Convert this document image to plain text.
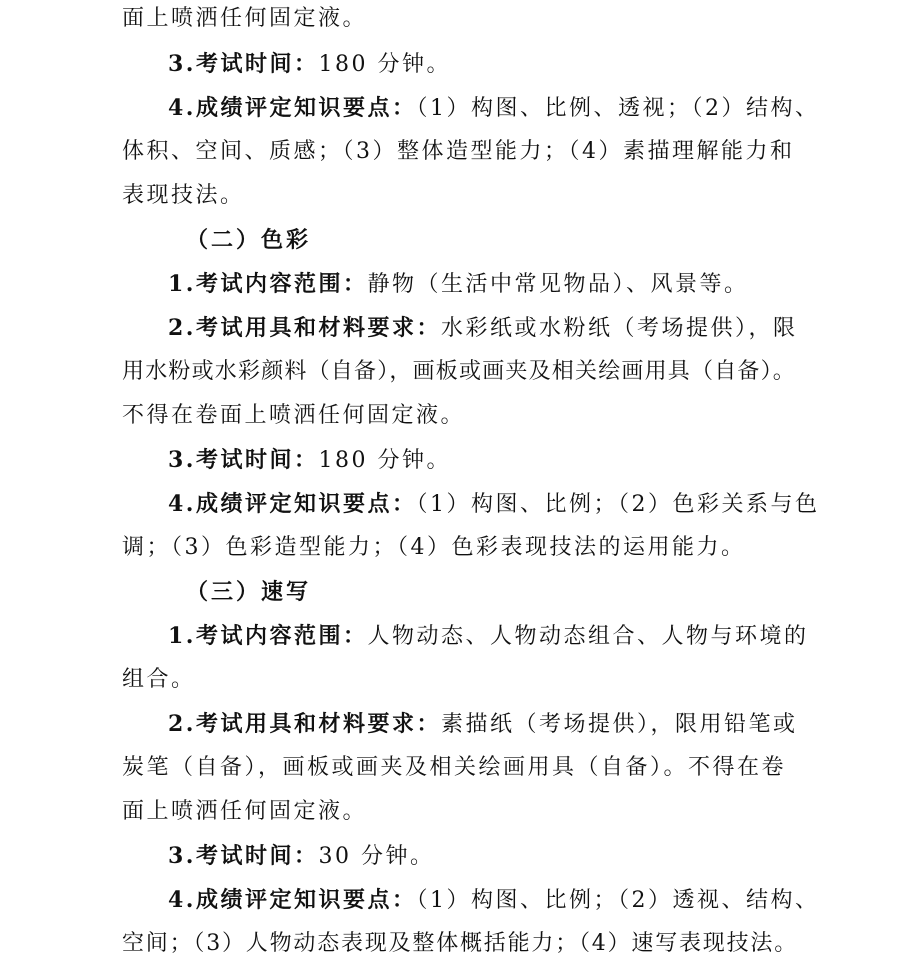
面上喷洒任何固定液。
3.考试时间：180 分钟。
4.成绩评定知识要点：（1）构图、比例、透视；（2）结构、
体积、空间、质感；（3）整体造型能力；（4）素描理解能力和
表现技法。
（二）色彩
1.考试内容范围：静物（生活中常见物品）、风景等。
2.考试用具和材料要求：水彩纸或水粉纸（考场提供），限
用水粉或水彩颜料（自备），画板或画夹及相关绘画用具（自备）。
不得在卷面上喷洒任何固定液。
3.考试时间：180 分钟。
4.成绩评定知识要点：（1）构图、比例；（2）色彩关系与色
调；（3）色彩造型能力；（4）色彩表现技法的运用能力。
（三）速写
1.考试内容范围：人物动态、人物动态组合、人物与环境的
组合。
2.考试用具和材料要求：素描纸（考场提供），限用铅笔或
炭笔（自备），画板或画夹及相关绘画用具（自备）。不得在卷
面上喷洒任何固定液。
3.考试时间：30 分钟。
4.成绩评定知识要点：（1）构图、比例；（2）透视、结构、
空间；（3）人物动态表现及整体概括能力；（4）速写表现技法。
